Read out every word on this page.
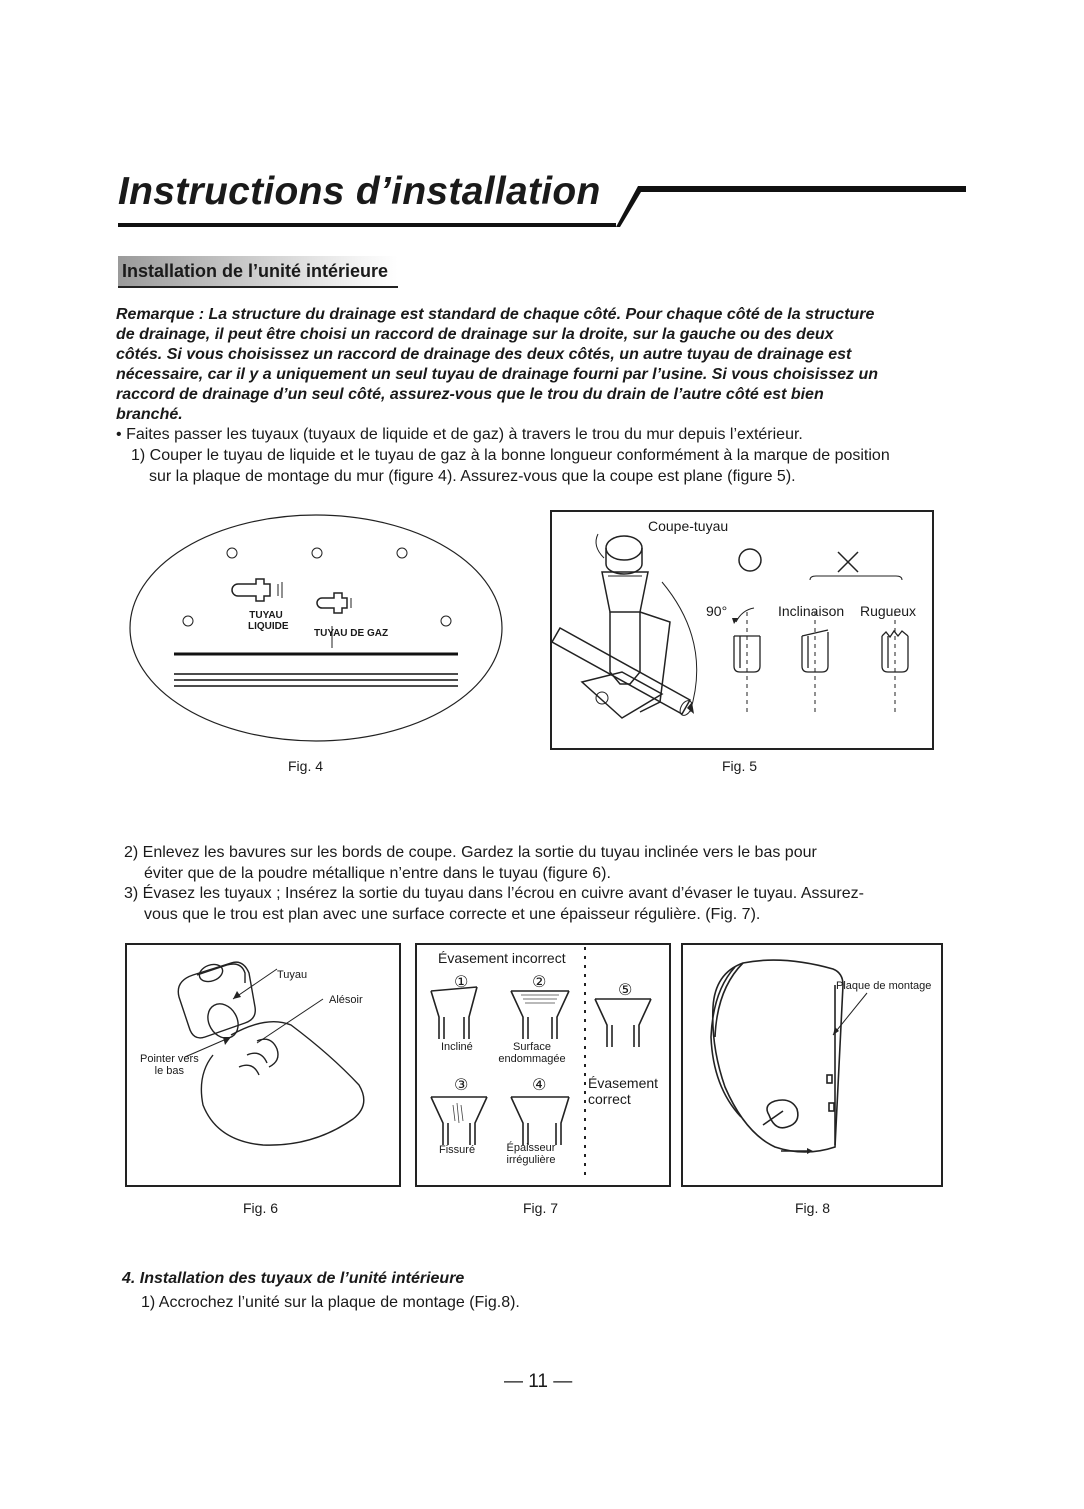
Instructions d’installation
Installation de l’unité intérieure
Remarque : La structure du drainage est standard de chaque côté. Pour chaque côté de la structure
de drainage, il peut être choisi un raccord de drainage sur la droite, sur la gauche ou des deux
côtés. Si vous choisissez un raccord de drainage des deux côtés, un autre tuyau de drainage est
nécessaire, car il y a uniquement un seul tuyau de drainage fourni par l’usine. Si vous choisissez un
raccord de drainage d’un seul côté, assurez-vous que le trou du drain de l’autre côté est bien
branché.
• Faites passer les tuyaux (tuyaux de liquide et de gaz) à travers le trou du mur depuis l’extérieur.
1) Couper le tuyau de liquide et le tuyau de gaz à la bonne longueur conformément à la marque de position
sur la plaque de montage du mur (figure 4). Assurez-vous que la coupe est plane (figure 5).
TUYAU
LIQUIDE
TUYAU DE GAZ
Fig. 4
Coupe-tuyau
90°	Inclinaison Rugueux
Fig. 5
2) Enlevez les bavures sur les bords de coupe. Gardez la sortie du tuyau inclinée vers le bas pour
éviter que de la poudre métallique n’entre dans le tuyau (figure 6).
3) Évasez les tuyaux ; Insérez la sortie du tuyau dans l’écrou en cuivre avant d’évaser le tuyau. Assurez-
vous que le trou est plan avec une surface correcte et une épaisseur régulière. (Fig. 7).
Tuyau
Alésoir
Pointer vers
le bas
Fig. 6
Évasement incorrect
①	②	⑤
Incliné	Surface
endommagée
③	④	Évasement
correct
Fissuré	Épaisseur
irrégulière
Fig. 7
Plaque de montage
Fig. 8
4. Installation des tuyaux de l’unité intérieure
1) Accrochez l’unité sur la plaque de montage (Fig.8).
— 11 —
